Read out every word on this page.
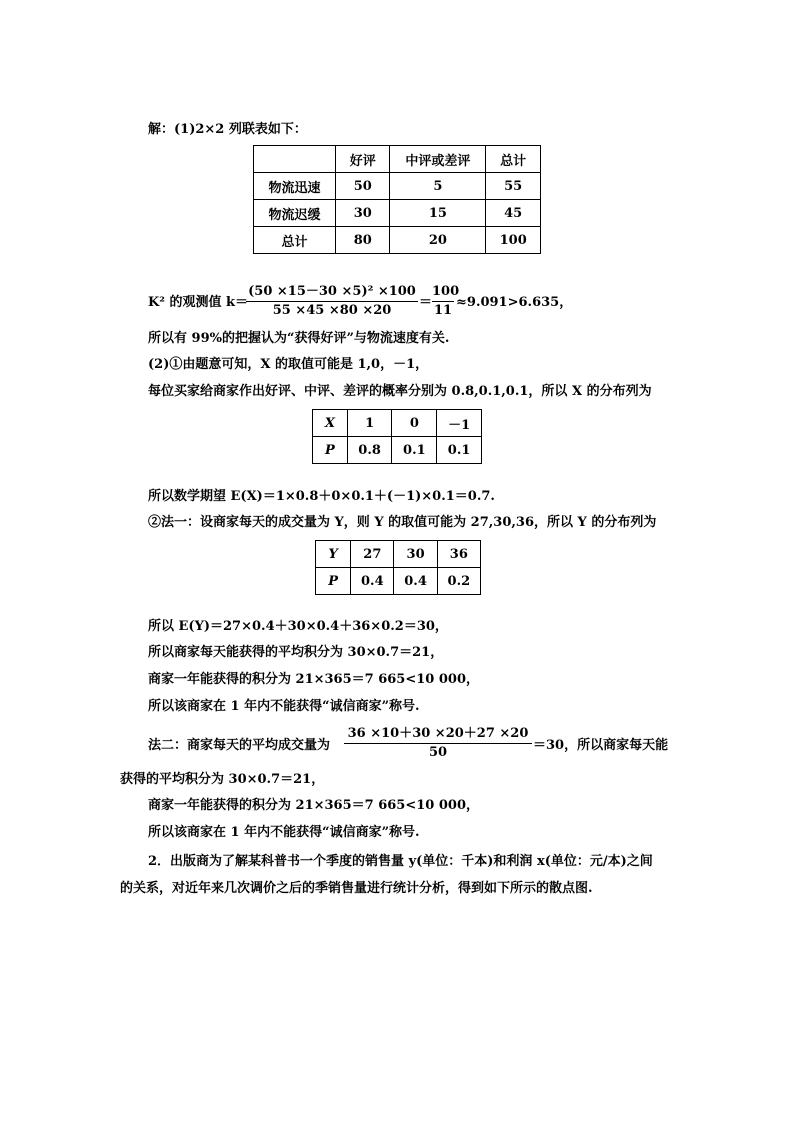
解：(1)2×2 列联表如下：
	好评	中评或差评	总计
物流迅速	50	5	55
物流迟缓	30	15	45
总计	80	20	100
K² 的观测值 k＝
(50 ×15－30 ×5)² ×100
55 ×45 ×80 ×20
＝
100
11
≈9.091>6.635，
所以有 99%的把握认为“获得好评”与物流速度有关.
(2)①由题意可知，X 的取值可能是 1,0，－1，
每位买家给商家作出好评、中评、差评的概率分别为 0.8,0.1,0.1，所以 X 的分布列为
X	1	0	－1
P	0.8	0.1	0.1
所以数学期望 E(X)＝1×0.8＋0×0.1＋(－1)×0.1＝0.7.
②法一：设商家每天的成交量为 Y，则 Y 的取值可能为 27,30,36，所以 Y 的分布列为
Y	27	30	36
P	0.4	0.4	0.2
所以 E(Y)＝27×0.4＋30×0.4＋36×0.2＝30，
所以商家每天能获得的平均积分为 30×0.7＝21，
商家一年能获得的积分为 21×365＝7 665<10 000，
所以该商家在 1 年内不能获得“诚信商家”称号.
法二：商家每天的平均成交量为
36 ×10＋30 ×20＋27 ×20
50	＝30，所以商家每天能
获得的平均积分为 30×0.7＝21，
商家一年能获得的积分为 21×365＝7 665<10 000，
所以该商家在 1 年内不能获得“诚信商家”称号.
2．出版商为了解某科普书一个季度的销售量 y(单位：千本)和利润 x(单位：元/本)之间
的关系，对近年来几次调价之后的季销售量进行统计分析，得到如下所示的散点图.
